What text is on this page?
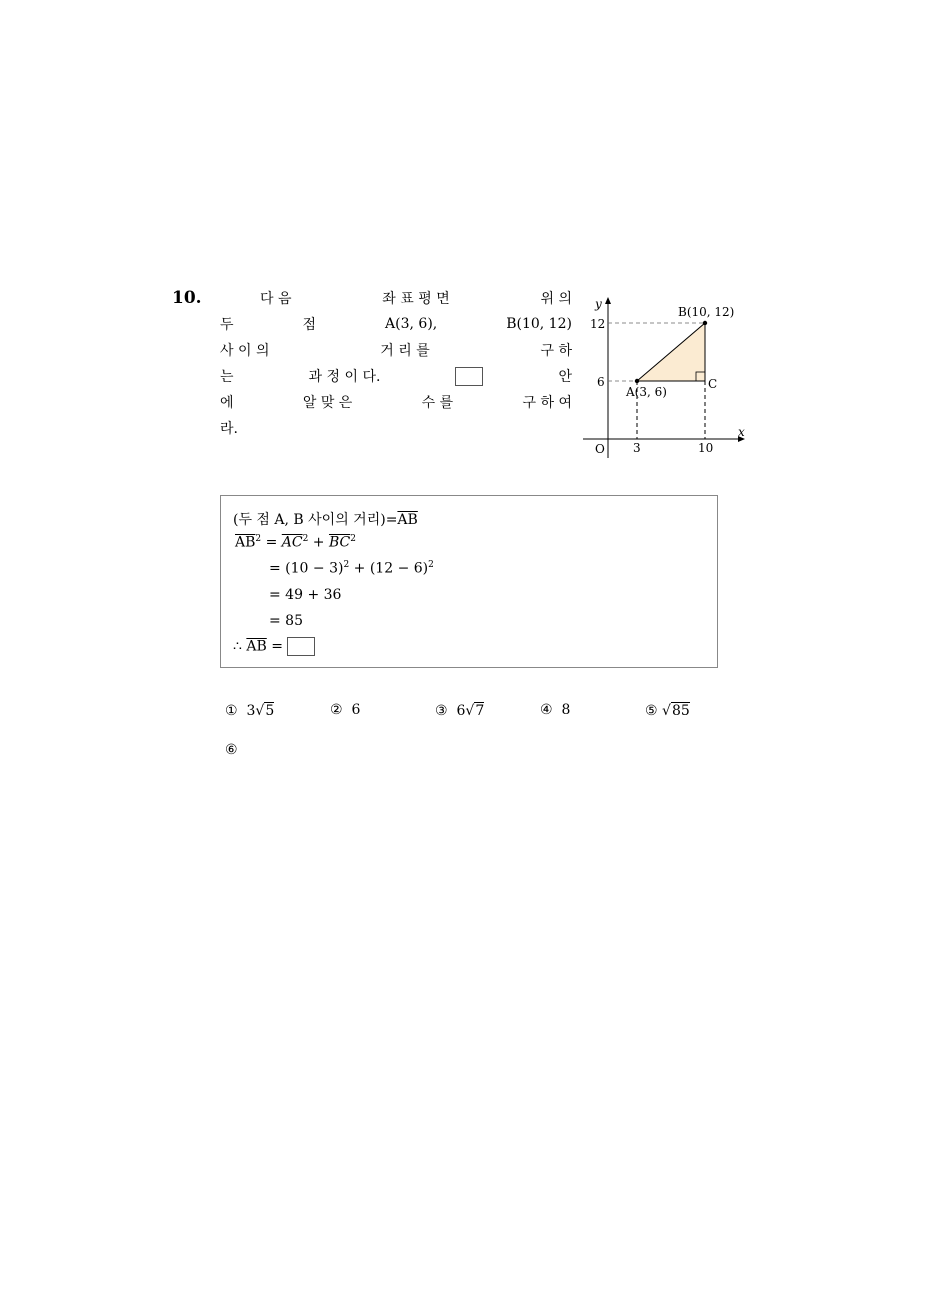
10.	다 음	좌 표 평 면	위 의
두	점	A(3, 6),	B(10, 12)
사 이 의	거 리 를	구 하
는	과 정 이 다.	안
에	알 맞 은	수 를	구 하 여
라.
y
x
O
12
6
3	10
A(3, 6)
B(10, 12)
C
(두 점 A, B 사이의 거리)$=\overline{AB}$
$\overline{AB}^2 = \overline{AC}^2 + \overline{BC}^2$
= $(10 - 3)^2 + (12 - 6)^2$
= 49 + 36
= 85
∴ $\overline{AB}$ =
① 3√5	② 6	③ 6√7	④ 8	⑤ √85
⑥
